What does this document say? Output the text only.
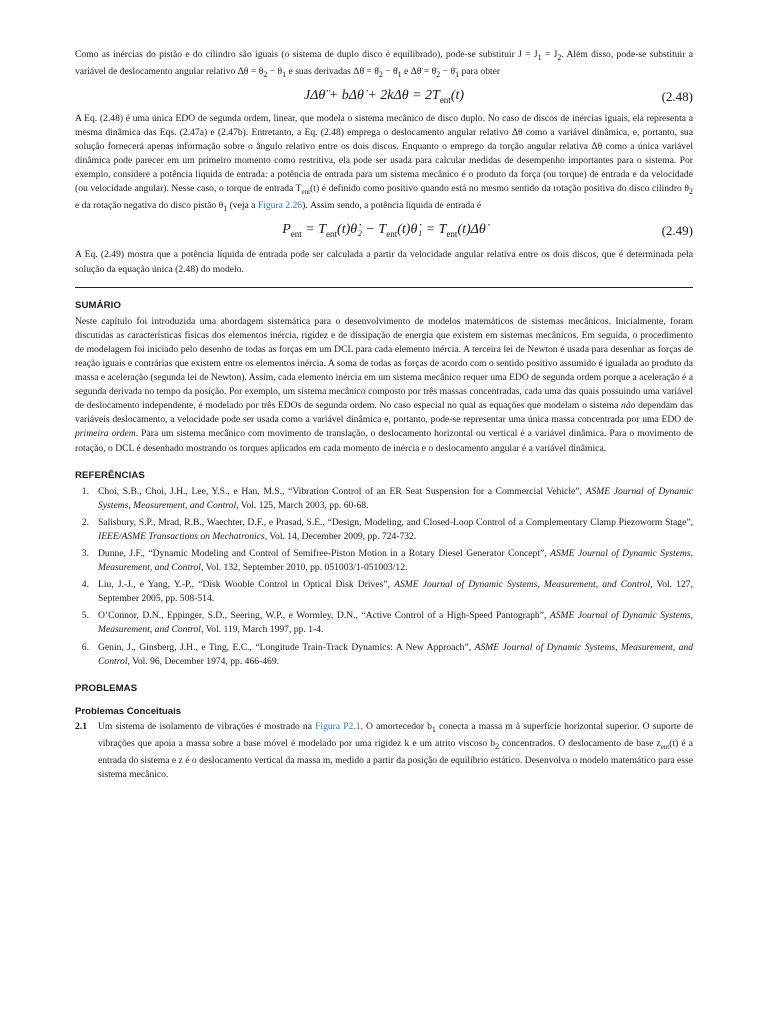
Como as inércias do pistão e do cilindro são iguais (o sistema de duplo disco é equilibrado), pode-se substituir $J = J_1 = J_2$. Além disso, pode-se substituir a variável de deslocamento angular relativo $\Delta\theta = \theta_2 - \theta_1$ e suas derivadas Δθ̇ = $\thetȧ_2$ − $\thetȧ_1$ e Δθ̈ = $\thetä_2$ − $\thetä_1$ para obter

JΔθ̈ + bΔθ̇ + $2k\Delta\theta = 2T_{ent}(t)$	(2.48)

A Eq. (2.48) é uma única EDO de segunda ordem, linear, que modela o sistema mecânico de disco duplo. No caso de discos de inércias iguais, ela representa a mesma dinâmica das Eqs. (2.47a) e (2.47b). Entretanto, a Eq. (2.48) emprega o deslocamento angular relativo Δθ como a variável dinâmica, e, portanto, sua solução fornecerá apenas informação sobre o ângulo relativo entre os dois discos. Enquanto o emprego da torção angular relativa Δθ como a única variável dinâmica pode parecer em um primeiro momento como restritiva, ela pode ser usada para calcular medidas de desempenho importantes para o sistema. Por exemplo, considere a potência líquida de entrada: a potência de entrada para um sistema mecânico é o produto da força (ou torque) de entrada e da velocidade (ou velocidade angular). Nesse caso, o torque de entrada $T_{ent}(t)$ é definido como positivo quando está no mesmo sentido da rotação positiva do disco cilindro $\theta_2$ e da rotação negativa do disco pistão $\theta_1$ (veja a Figura 2.26). Assim sendo, a potência líquida de entrada é

$P_{ent}$ = $T_{ent}(t)\thetȧ_2$ − $T_{ent}(t)\thetȧ_1$ = $T_{ent}(t)\Delta\thetȧ$	(2.49)

A Eq. (2.49) mostra que a potência líquida de entrada pode ser calculada a partir da velocidade angular relativa entre os dois discos, que é determinada pela solução da equação única (2.48) do modelo.

SUMÁRIO

Neste capítulo foi introduzida uma abordagem sistemática para o desenvolvimento de modelos matemáticos de sistemas mecânicos. Inicialmente, foram discutidas as características físicas dos elementos inércia, rigidez e de dissipação de energia que existem em sistemas mecânicos. Em seguida, o procedimento de modelagem foi iniciado pelo desenho de todas as forças em um DCL para cada elemento inércia. A terceira lei de Newton é usada para desenhar as forças de reação iguais e contrárias que existem entre os elementos inércia. A soma de todas as forças de acordo com o sentido positivo assumido é igualada ao produto da massa e aceleração (segunda lei de Newton). Assim, cada elemento inércia em um sistema mecânico requer uma EDO de segunda ordem porque a aceleração é a segunda derivada no tempo da posição. Por exemplo, um sistema mecânico composto por três massas concentradas, cada uma das quais possuindo uma variável de deslocamento independente, é modelado por três EDOs de segunda ordem. No caso especial no qual as equações que modelam o sistema não dependam das variáveis deslocamento, a velocidade pode ser usada como a variável dinâmica e, portanto, pode-se representar uma única massa concentrada por uma EDO de primeira ordem. Para um sistema mecânico com movimento de translação, o deslocamento horizontal ou vertical é a variável dinâmica. Para o movimento de rotação, o DCL é desenhado mostrando os torques aplicados em cada momento de inércia e o deslocamento angular é a variável dinâmica.

REFERÊNCIAS
1. Choi, S.B., Choi, J.H., Lee, Y.S., e Han, M.S., “Vibration Control of an ER Seat Suspension for a Commercial Vehicle”, ASME Journal of Dynamic Systems, Measurement, and Control, Vol. 125, March 2003, pp. 60-68.
2. Salisbury, S.P., Mrad, R.B., Waechter, D.F., e Prasad, S.E., “Design, Modeling, and Closed-Loop Control of a Complementary Clamp Piezoworm Stage”, IEEE/ASME Transactions on Mechatronics, Vol. 14, December 2009, pp. 724-732.
3. Dunne, J.F., “Dynamic Modeling and Control of Semifree-Piston Motion in a Rotary Diesel Generator Concept”, ASME Journal of Dynamic Systems, Measurement, and Control, Vol. 132, September 2010, pp. 051003/1-051003/12.
4. Liu, J.-J., e Yang, Y.-P., “Disk Wooble Control in Optical Disk Drives”, ASME Journal of Dynamic Systems, Measurement, and Control, Vol. 127, September 2005, pp. 508-514.
5. O’Connor, D.N., Eppinger, S.D., Seering, W.P., e Wormley, D.N., “Active Control of a High-Speed Pantograph”, ASME Journal of Dynamic Systems, Measurement, and Control, Vol. 119, March 1997, pp. 1-4.
6. Genin, J., Ginsberg, J.H., e Ting, E.C., “Longitude Train-Track Dynamics: A New Approach”, ASME Journal of Dynamic Systems, Measurement, and Control, Vol. 96, December 1974, pp. 466-469.
PROBLEMAS
Problemas Conceituais
2.1 Um sistema de isolamento de vibrações é mostrado na Figura P2.1. O amortecedor $b_1$ conecta a massa m à superfície horizontal superior. O suporte de vibrações que apoia a massa sobre a base móvel é modelado por uma rigidez k e um atrito viscoso $b_2$ concentrados. O deslocamento de base $z_{ent}(t)$ é a entrada do sistema e z é o deslocamento vertical da massa m, medido a partir da posição de equilíbrio estático. Desenvolva o modelo matemático para esse sistema mecânico.
